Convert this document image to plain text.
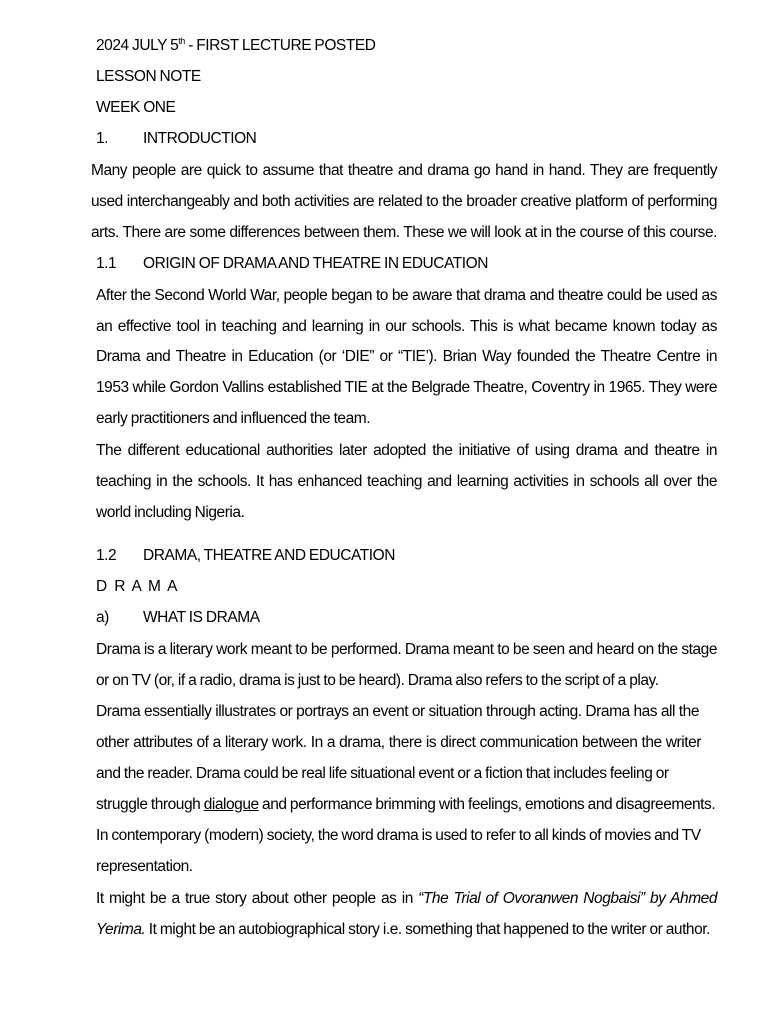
2024 JULY 5th - FIRST LECTURE POSTED
LESSON NOTE
WEEK ONE
1. INTRODUCTION
Many people are quick to assume that theatre and drama go hand in hand. They are frequently
used interchangeably and both activities are related to the broader creative platform of performing
arts. There are some differences between them. These we will look at in the course of this course.
1.1 ORIGIN OF DRAMA AND THEATRE IN EDUCATION
After the Second World War, people began to be aware that drama and theatre could be used as
an effective tool in teaching and learning in our schools. This is what became known today as
Drama and Theatre in Education (or ‘DIE” or “TIE’). Brian Way founded the Theatre Centre in
1953 while Gordon Vallins established TIE at the Belgrade Theatre, Coventry in 1965. They were
early practitioners and influenced the team.
The different educational authorities later adopted the initiative of using drama and theatre in
teaching in the schools. It has enhanced teaching and learning activities in schools all over the
world including Nigeria.
1.2 DRAMA, THEATRE AND EDUCATION
D R A M A
a) WHAT IS DRAMA
Drama is a literary work meant to be performed. Drama meant to be seen and heard on the stage
or on TV (or, if a radio, drama is just to be heard). Drama also refers to the script of a play.
Drama essentially illustrates or portrays an event or situation through acting. Drama has all the
other attributes of a literary work. In a drama, there is direct communication between the writer
and the reader. Drama could be real life situational event or a fiction that includes feeling or
struggle through dialogue and performance brimming with feelings, emotions and disagreements.
In contemporary (modern) society, the word drama is used to refer to all kinds of movies and TV
representation.
It might be a true story about other people as in “The Trial of Ovoranwen Nogbaisi” by Ahmed
Yerima. It might be an autobiographical story i.e. something that happened to the writer or author.
